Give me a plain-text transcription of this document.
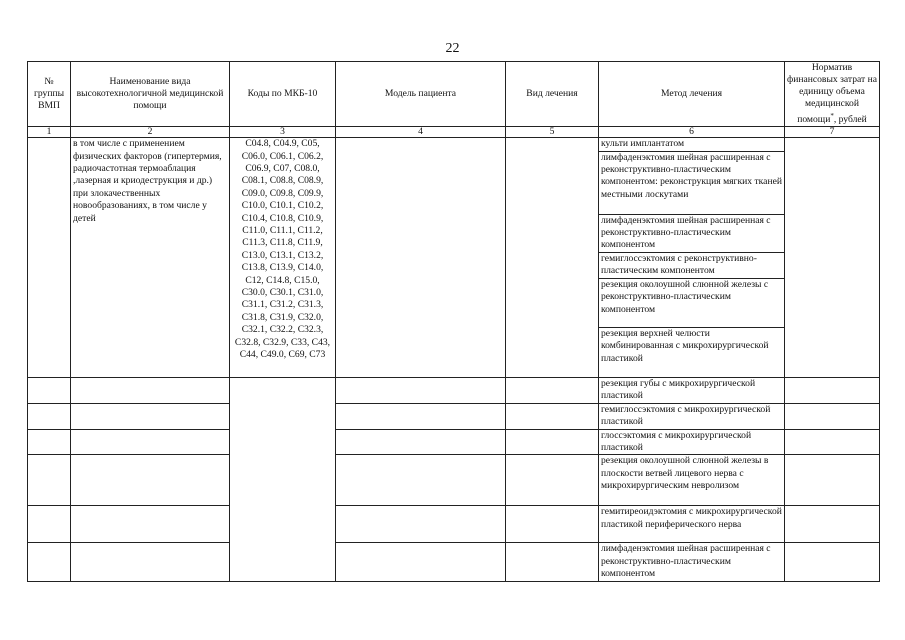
22
№ группы ВМП	Наименование вида высокотехнологичной медицинской помощи	Коды по МКБ-10	Модель пациента	Вид лечения	Метод лечения	Норматив финансовых затрат на единицу объема медицинской помощи*, рублей
1	2	3	4	5	6	7
	в том числе с применением физических факторов (гипертермия, радиочастотная термоаблация ,лазерная и криодеструкция и др.) при злокачественных новообразованиях, в том числе у детей	C04.8, C04.9, C05, C06.0, C06.1, C06.2, C06.9, C07, C08.0, C08.1, C08.8, C08.9, C09.0, C09.8, C09.9, C10.0, C10.1, C10.2, C10.4, C10.8, C10.9, C11.0, C11.1, C11.2, C11.3, C11.8, C11.9, C13.0, C13.1, C13.2, C13.8, C13.9, C14.0, C12, C14.8, C15.0, C30.0, C30.1, C31.0, C31.1, C31.2, C31.3, C31.8, C31.9, C32.0, C32.1, C32.2, C32.3, C32.8, C32.9, C33, C43, C44, C49.0, C69, C73			культи имплантатом	
					лимфаденэктомия шейная расширенная с реконструктивно-пластическим компонентом: реконструкция мягких тканей местными лоскутами	
					лимфаденэктомия шейная расширенная с реконструктивно-пластическим компонентом	
					гемиглоссэктомия с реконструктивно-пластическим компонентом	
					резекция околоушной слюнной железы с реконструктивно-пластическим компонентом	
					резекция верхней челюсти комбинированная с микрохирургической пластикой	
					резекция губы с микрохирургической пластикой	
					гемиглоссэктомия с микрохирургической пластикой	
					глоссэктомия с микрохирургической пластикой	
					резекция околоушной слюнной железы в плоскости ветвей лицевого нерва с микрохирургическим невролизом	
					гемитиреоидэктомия с микрохирургической пластикой периферического нерва	
					лимфаденэктомия шейная расширенная с реконструктивно-пластическим компонентом	
